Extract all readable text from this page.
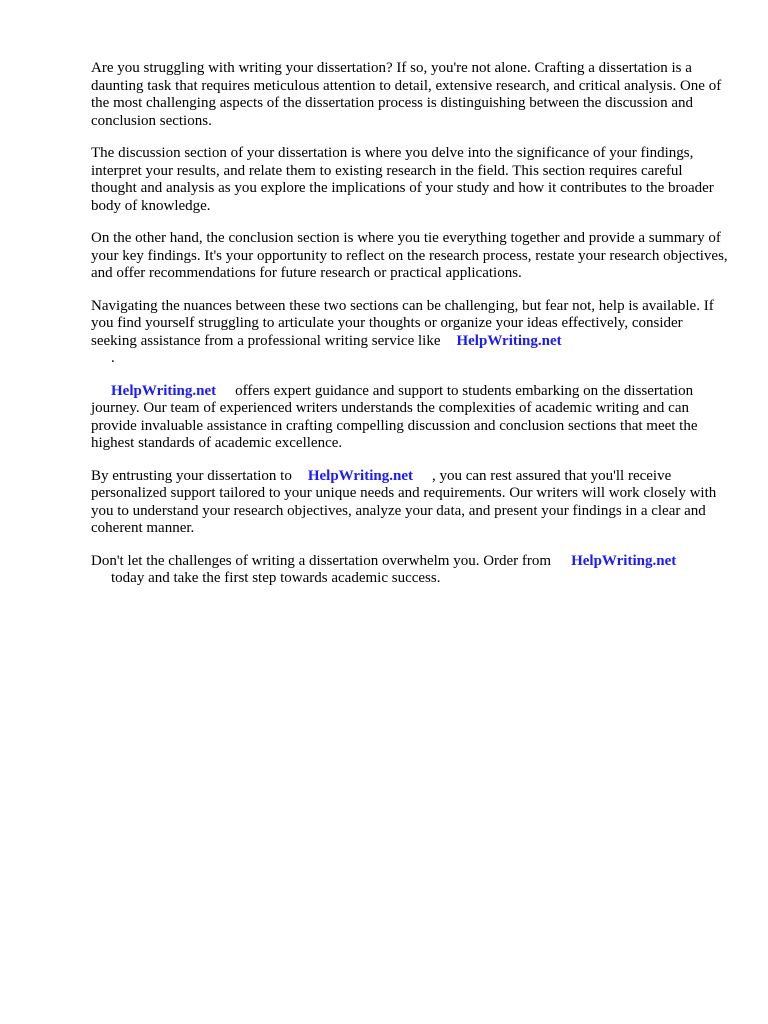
Are you struggling with writing your dissertation? If so, you're not alone. Crafting a dissertation is a daunting task that requires meticulous attention to detail, extensive research, and critical analysis. One of the most challenging aspects of the dissertation process is distinguishing between the discussion and conclusion sections.

The discussion section of your dissertation is where you delve into the significance of your findings, interpret your results, and relate them to existing research in the field. This section requires careful thought and analysis as you explore the implications of your study and how it contributes to the broader body of knowledge.

On the other hand, the conclusion section is where you tie everything together and provide a summary of your key findings. It's your opportunity to reflect on the research process, restate your research objectives, and offer recommendations for future research or practical applications.

Navigating the nuances between these two sections can be challenging, but fear not, help is available. If you find yourself struggling to articulate your thoughts or organize your ideas effectively, consider seeking assistance from a professional writing service like HelpWriting.net
.

HelpWriting.net offers expert guidance and support to students embarking on the dissertation journey. Our team of experienced writers understands the complexities of academic writing and can provide invaluable assistance in crafting compelling discussion and conclusion sections that meet the highest standards of academic excellence.

By entrusting your dissertation to HelpWriting.net , you can rest assured that you'll receive personalized support tailored to your unique needs and requirements. Our writers will work closely with you to understand your research objectives, analyze your data, and present your findings in a clear and coherent manner.

Don't let the challenges of writing a dissertation overwhelm you. Order from HelpWriting.net
today and take the first step towards academic success.
